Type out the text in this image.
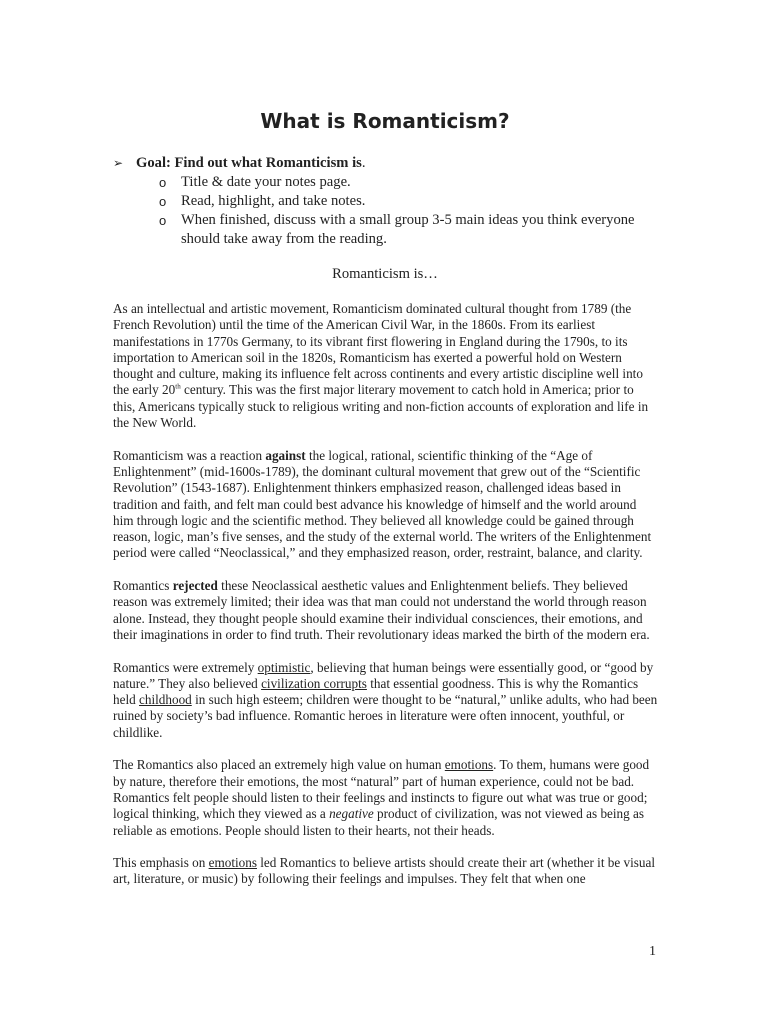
What is Romanticism?

➢ Goal: Find out what Romanticism is.

o Title & date your notes page.
o Read, highlight, and take notes.
o When finished, discuss with a small group 3-5 main ideas you think everyone should take away from the reading.

Romanticism is…

As an intellectual and artistic movement, Romanticism dominated cultural thought from 1789 (the French Revolution) until the time of the American Civil War, in the 1860s. From its earliest manifestations in 1770s Germany, to its vibrant first flowering in England during the 1790s, to its importation to American soil in the 1820s, Romanticism has exerted a powerful hold on Western thought and culture, making its influence felt across continents and every artistic discipline well into the early 20th century. This was the first major literary movement to catch hold in America; prior to this, Americans typically stuck to religious writing and non-fiction accounts of exploration and life in the New World.

Romanticism was a reaction against the logical, rational, scientific thinking of the “Age of Enlightenment” (mid-1600s-1789), the dominant cultural movement that grew out of the “Scientific Revolution” (1543-1687). Enlightenment thinkers emphasized reason, challenged ideas based in tradition and faith, and felt man could best advance his knowledge of himself and the world around him through logic and the scientific method. They believed all knowledge could be gained through reason, logic, man’s five senses, and the study of the external world. The writers of the Enlightenment period were called “Neoclassical,” and they emphasized reason, order, restraint, balance, and clarity.

Romantics rejected these Neoclassical aesthetic values and Enlightenment beliefs. They believed reason was extremely limited; their idea was that man could not understand the world through reason alone. Instead, they thought people should examine their individual consciences, their emotions, and their imaginations in order to find truth. Their revolutionary ideas marked the birth of the modern era.

Romantics were extremely optimistic, believing that human beings were essentially good, or “good by nature.” They also believed civilization corrupts that essential goodness. This is why the Romantics held childhood in such high esteem; children were thought to be “natural,” unlike adults, who had been ruined by society’s bad influence. Romantic heroes in literature were often innocent, youthful, or childlike.

The Romantics also placed an extremely high value on human emotions. To them, humans were good by nature, therefore their emotions, the most “natural” part of human experience, could not be bad. Romantics felt people should listen to their feelings and instincts to figure out what was true or good; logical thinking, which they viewed as a negative product of civilization, was not viewed as being as reliable as emotions. People should listen to their hearts, not their heads.

This emphasis on emotions led Romantics to believe artists should create their art (whether it be visual art, literature, or music) by following their feelings and impulses. They felt that when one

1
